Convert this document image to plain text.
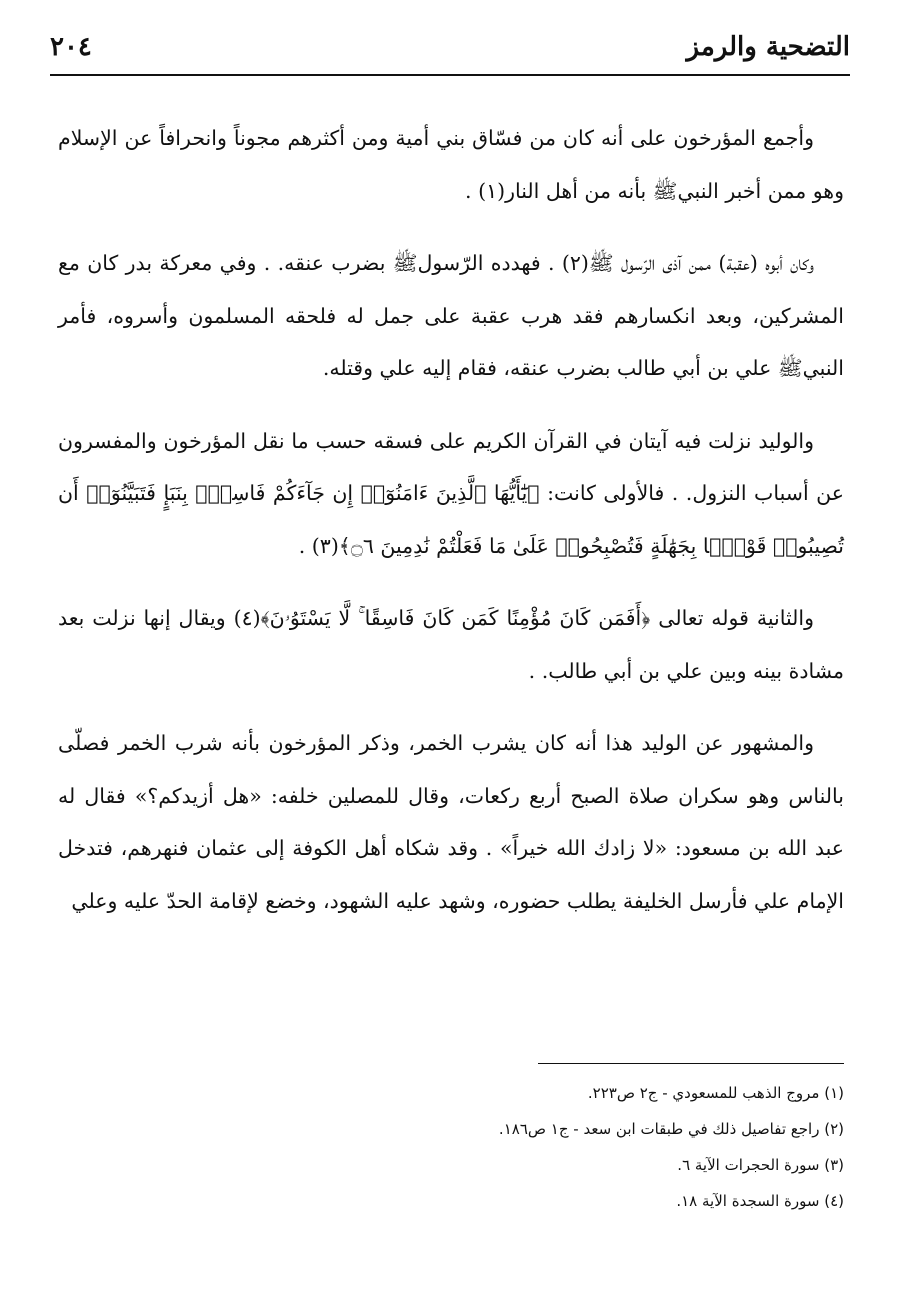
٢٠٤	التضحية والرمز

وأجمع المؤرخون على أنه كان من فسّاق بني أمية ومن أكثرهم مجوناً وانحرافاً عن الإسلام وهو ممن أخبر النبيﷺ بأنه من أهل النار(١) .

وكان أبوه (عقبة) ممن آذى الرّسول ﷺ(٢) . فهدده الرّسولﷺ بضرب عنقه. . وفي معركة بدر كان مع المشركين، وبعد انكسارهم فقد هرب عقبة على جمل له فلحقه المسلمون وأسروه، فأمر النبيﷺ علي بن أبي طالب بضرب عنقه، فقام إليه علي وقتله.

والوليد نزلت فيه آيتان في القرآن الكريم على فسقه حسب ما نقل المؤرخون والمفسرون عن أسباب النزول. . فالأولى كانت: ﴿يَٰٓأَيُّهَا ٱلَّذِينَ ءَامَنُوٓا۟ إِن جَآءَكُمْ فَاسِقٌۢ بِنَبَإٍ فَتَبَيَّنُوٓا۟ أَن تُصِيبُوا۟ قَوْمًۢا بِجَهَٰلَةٍ فَتُصْبِحُوا۟ عَلَىٰ مَا فَعَلْتُمْ نَٰدِمِينَ ۝٦﴾(٣) .

والثانية قوله تعالى ﴿أَفَمَن كَانَ مُؤْمِنًا كَمَن كَانَ فَاسِقًا ۚ لَّا يَسْتَوُۥنَ﴾(٤) ويقال إنها نزلت بعد مشادة بينه وبين علي بن أبي طالب. .

والمشهور عن الوليد هذا أنه كان يشرب الخمر، وذكر المؤرخون بأنه شرب الخمر فصلّى بالناس وهو سكران صلاة الصبح أربع ركعات، وقال للمصلين خلفه: «هل أزيدكم؟» فقال له عبد الله بن مسعود: «لا زادك الله خيراً» . وقد شكاه أهل الكوفة إلى عثمان فنهرهم، فتدخل الإمام علي فأرسل الخليفة يطلب حضوره، وشهد عليه الشهود، وخضع لإقامة الحدّ عليه وعلي

(١) مروج الذهب للمسعودي - ج٢ ص٢٢٣.
(٢) راجع تفاصيل ذلك في طبقات ابن سعد - ج١ ص١٨٦.
(٣) سورة الحجرات الآية ٦.
(٤) سورة السجدة الآية ١٨.
